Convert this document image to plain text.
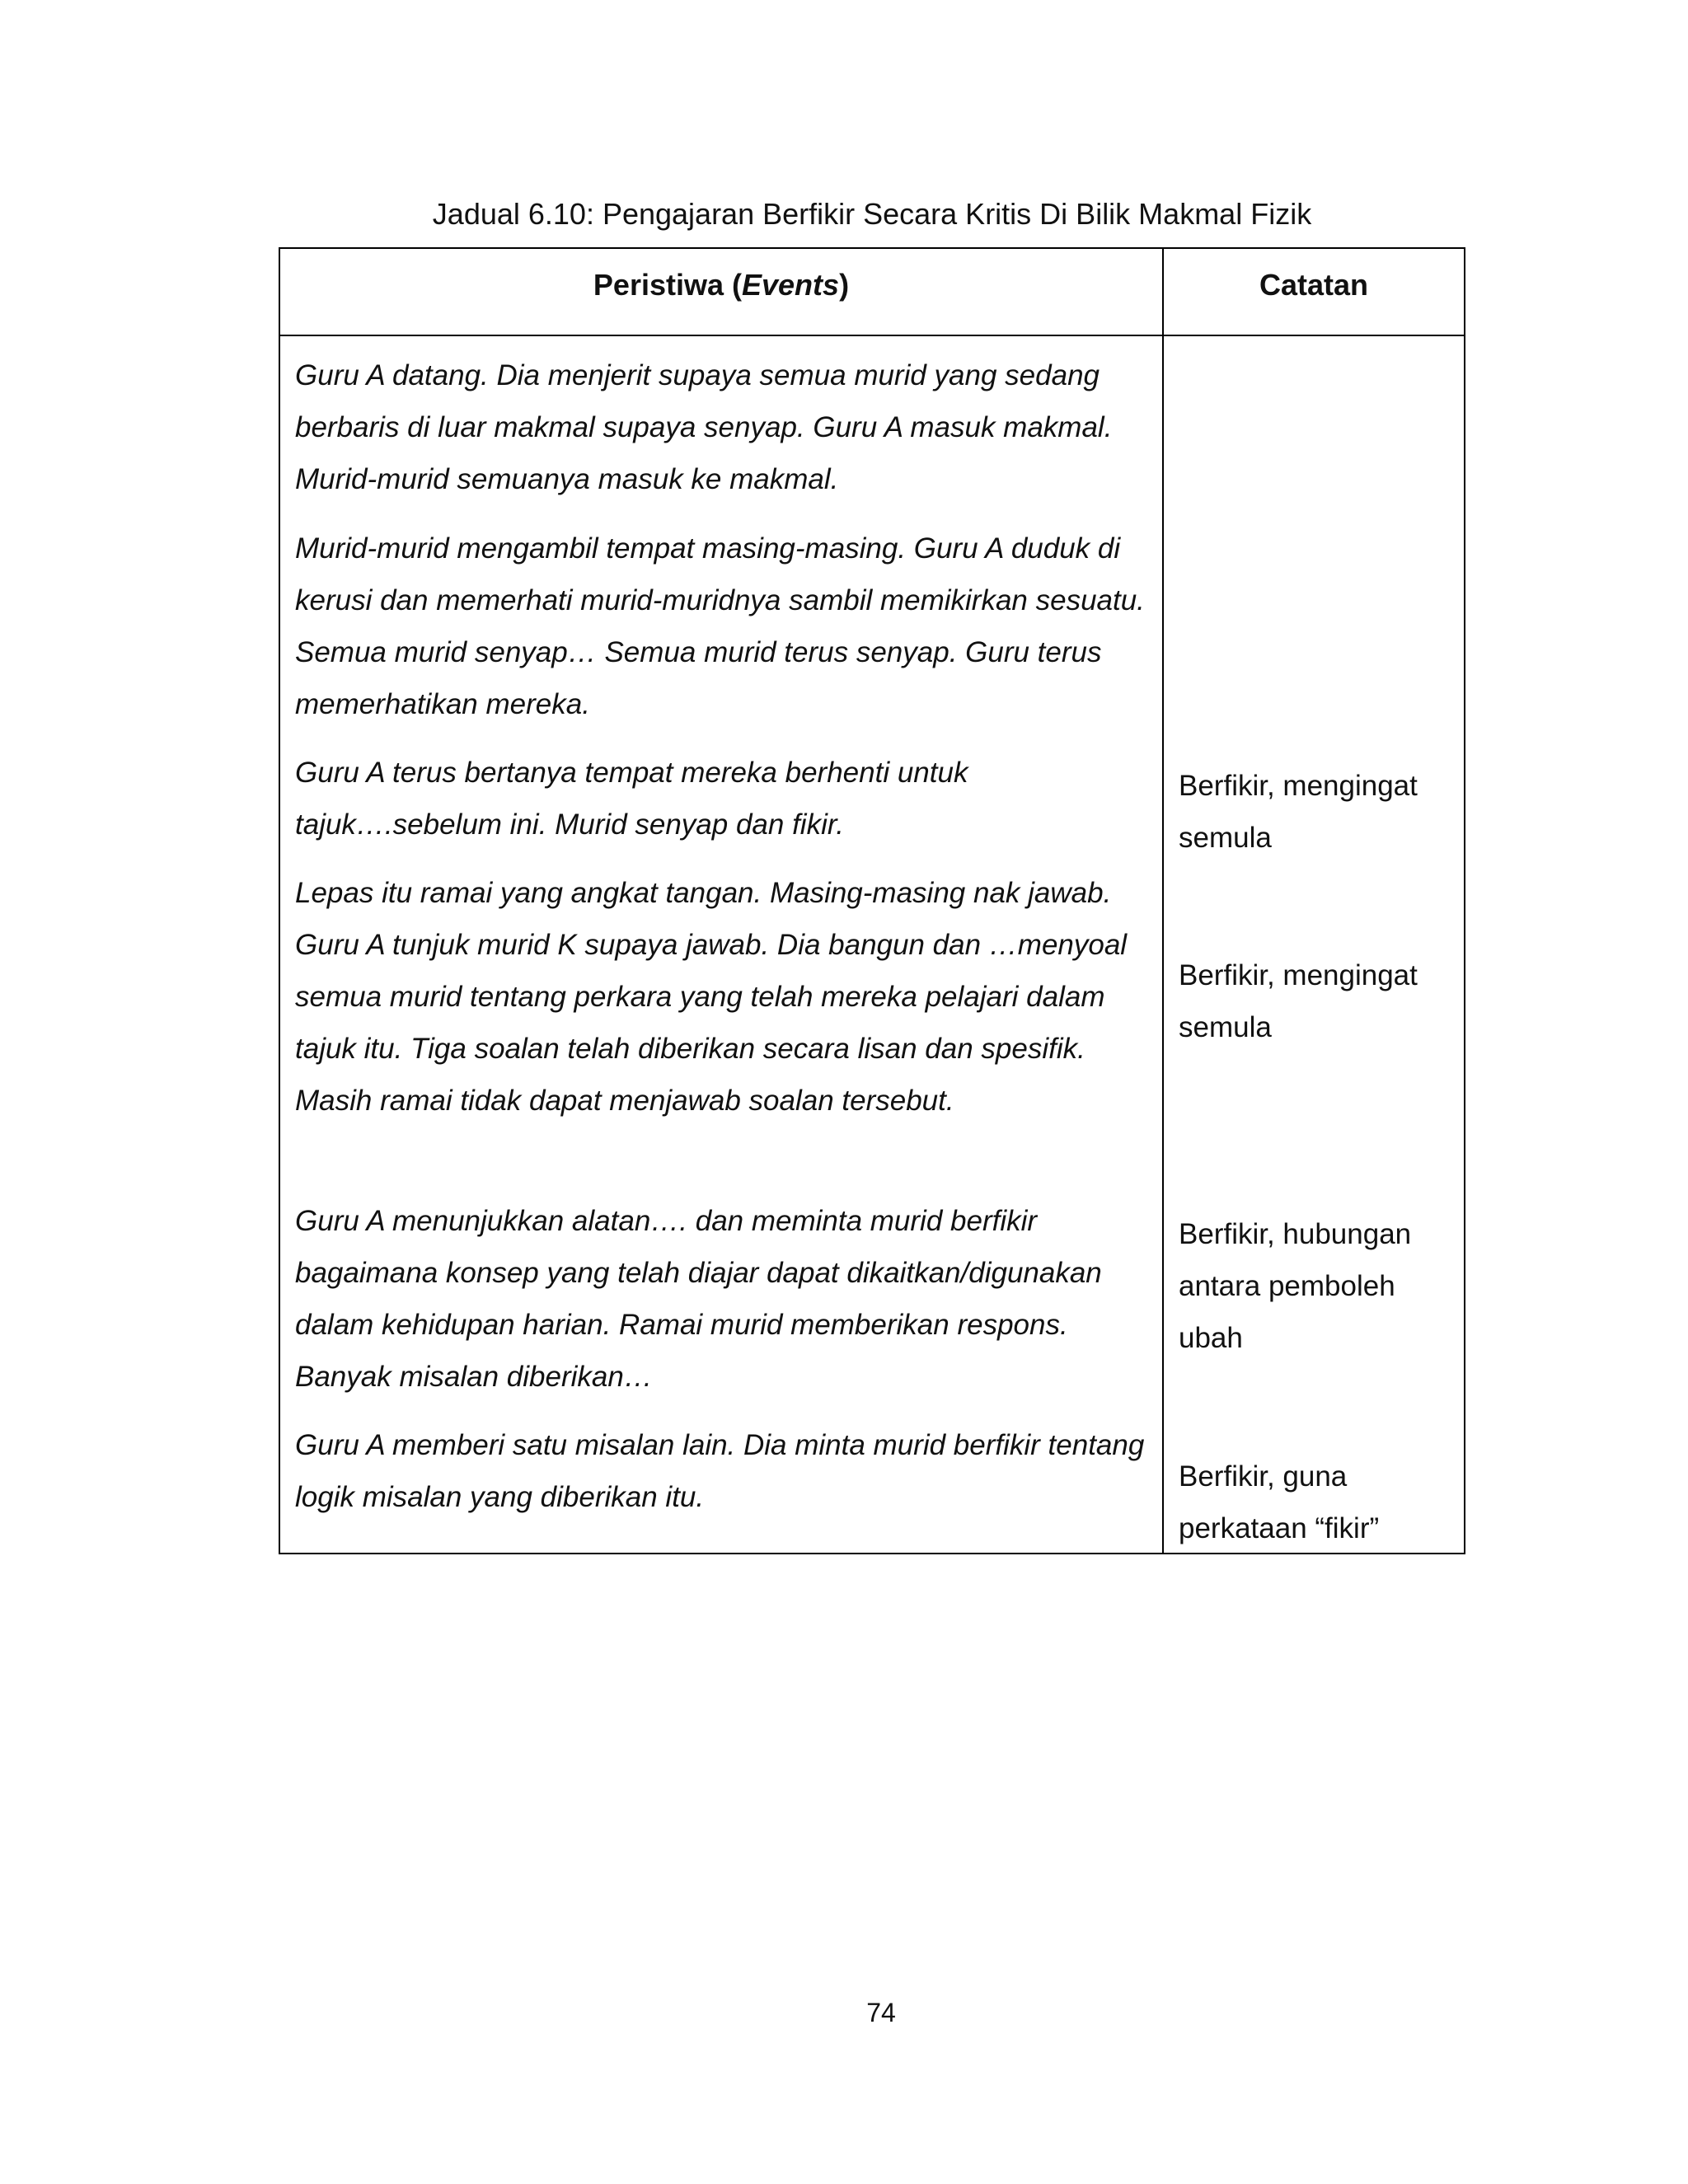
Jadual 6.10: Pengajaran Berfikir Secara Kritis Di Bilik Makmal Fizik
Peristiwa (Events)	Catatan
Guru A datang. Dia menjerit supaya semua murid yang sedang berbaris di luar makmal supaya senyap. Guru A masuk makmal. Murid-murid semuanya masuk ke makmal.
Murid-murid mengambil tempat masing-masing. Guru A duduk di kerusi dan memerhati murid-muridnya sambil memikirkan sesuatu. Semua murid senyap… Semua murid terus senyap. Guru terus memerhatikan mereka.
Guru A terus bertanya tempat mereka berhenti untuk tajuk….sebelum ini. Murid senyap dan fikir.
Lepas itu ramai yang angkat tangan. Masing-masing nak jawab. Guru A tunjuk murid K supaya jawab. Dia bangun dan …menyoal semua murid tentang perkara yang telah mereka pelajari dalam tajuk itu. Tiga soalan telah diberikan secara lisan dan spesifik. Masih ramai tidak dapat menjawab soalan tersebut.
Guru A menunjukkan alatan…. dan meminta murid berfikir bagaimana konsep yang telah diajar dapat dikaitkan/digunakan dalam kehidupan harian. Ramai murid memberikan respons. Banyak misalan diberikan…
Guru A memberi satu misalan lain. Dia minta murid berfikir tentang logik misalan yang diberikan itu.
Berfikir, mengingat semula
Berfikir, mengingat semula
Berfikir, hubungan antara pemboleh ubah
Berfikir, guna perkataan “fikir”
74
